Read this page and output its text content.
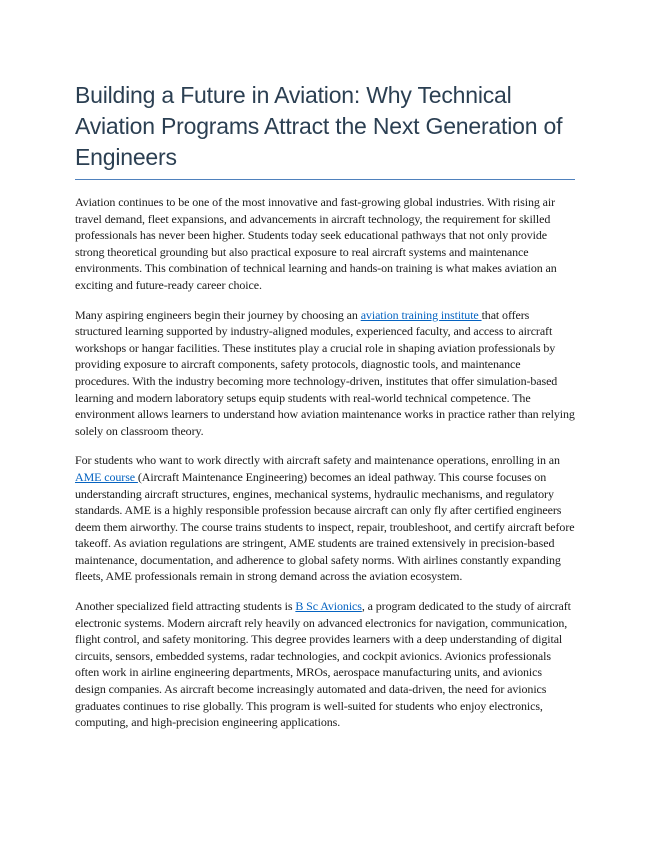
Building a Future in Aviation: Why Technical Aviation Programs Attract the Next Generation of Engineers

Aviation continues to be one of the most innovative and fast-growing global industries. With rising air travel demand, fleet expansions, and advancements in aircraft technology, the requirement for skilled professionals has never been higher. Students today seek educational pathways that not only provide strong theoretical grounding but also practical exposure to real aircraft systems and maintenance environments. This combination of technical learning and hands-on training is what makes aviation an exciting and future-ready career choice.

Many aspiring engineers begin their journey by choosing an aviation training institute that offers structured learning supported by industry-aligned modules, experienced faculty, and access to aircraft workshops or hangar facilities. These institutes play a crucial role in shaping aviation professionals by providing exposure to aircraft components, safety protocols, diagnostic tools, and maintenance procedures. With the industry becoming more technology-driven, institutes that offer simulation-based learning and modern laboratory setups equip students with real-world technical competence. The environment allows learners to understand how aviation maintenance works in practice rather than relying solely on classroom theory.

For students who want to work directly with aircraft safety and maintenance operations, enrolling in an AME course (Aircraft Maintenance Engineering) becomes an ideal pathway. This course focuses on understanding aircraft structures, engines, mechanical systems, hydraulic mechanisms, and regulatory standards. AME is a highly responsible profession because aircraft can only fly after certified engineers deem them airworthy. The course trains students to inspect, repair, troubleshoot, and certify aircraft before takeoff. As aviation regulations are stringent, AME students are trained extensively in precision-based maintenance, documentation, and adherence to global safety norms. With airlines constantly expanding fleets, AME professionals remain in strong demand across the aviation ecosystem.

Another specialized field attracting students is B Sc Avionics, a program dedicated to the study of aircraft electronic systems. Modern aircraft rely heavily on advanced electronics for navigation, communication, flight control, and safety monitoring. This degree provides learners with a deep understanding of digital circuits, sensors, embedded systems, radar technologies, and cockpit avionics. Avionics professionals often work in airline engineering departments, MROs, aerospace manufacturing units, and avionics design companies. As aircraft become increasingly automated and data-driven, the need for avionics graduates continues to rise globally. This program is well-suited for students who enjoy electronics, computing, and high-precision engineering applications.
